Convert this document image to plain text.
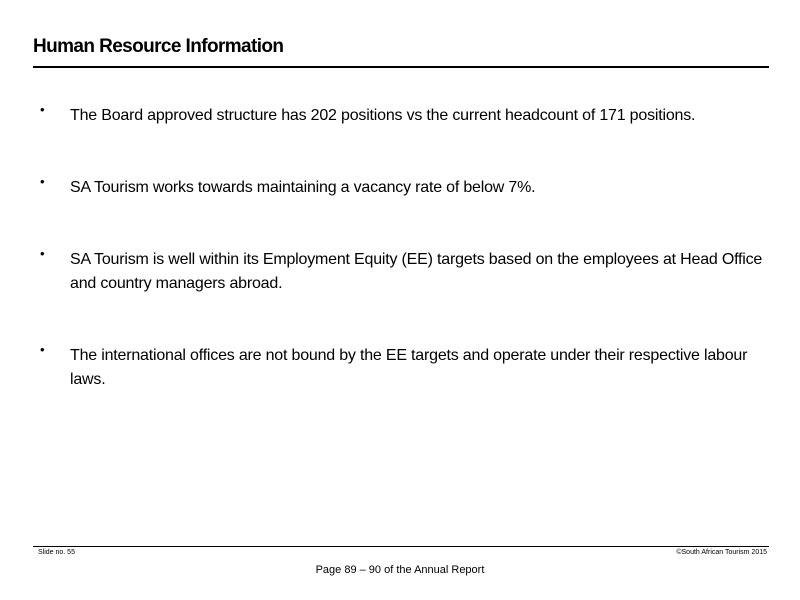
Human Resource Information
• The Board approved structure has 202 positions vs the current headcount of 171 positions.
• SA Tourism works towards maintaining a vacancy rate of below 7%.
• SA Tourism is well within its Employment Equity (EE) targets based on the employees at Head Office and country managers abroad.
• The international offices are not bound by the EE targets and operate under their respective labour laws.
Slide no. 55	©South African Tourism 2015
Page 89 – 90 of the Annual Report
